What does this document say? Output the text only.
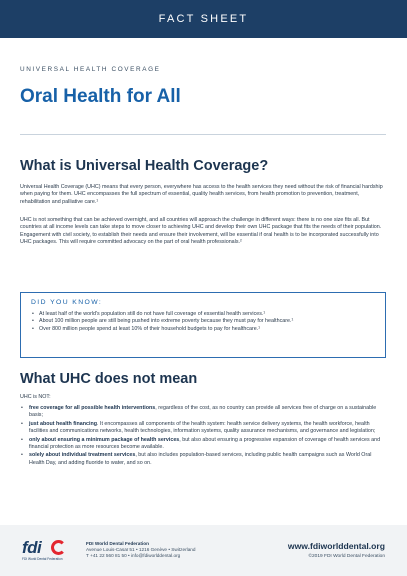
FACT SHEET
UNIVERSAL HEALTH COVERAGE
Oral Health for All
What is Universal Health Coverage?

Universal Health Coverage (UHC) means that every person, everywhere has access to the health services they need without the risk of financial hardship when paying for them. UHC encompasses the full spectrum of essential, quality health services, from health promotion to prevention, treatment, rehabilitation and palliative care.¹

UHC is not something that can be achieved overnight, and all countries will approach the challenge in different ways: there is no one size fits all. But countries at all income levels can take steps to move closer to achieving UHC and develop their own UHC package that fits the needs of their population. Engagement with civil society, to establish their needs and ensure their involvement, will be essential if oral health is to be incorporated successfully into UHC packages. This will require committed advocacy on the part of oral health professionals.²

DID YOU KNOW:
• At least half of the world's population still do not have full coverage of essential health services.¹
• About 100 million people are still being pushed into extreme poverty because they must pay for healthcare.¹
• Over 800 million people spend at least 10% of their household budgets to pay for healthcare.¹
What UHC does not mean
UHC is NOT:
• free coverage for all possible health interventions, regardless of the cost, as no country can provide all services free of charge on a sustainable basis;
• just about health financing. It encompasses all components of the health system: health service delivery systems, the health workforce, health facilities and communications networks, health technologies, information systems, quality assurance mechanisms, and governance and legislation;
• only about ensuring a minimum package of health services, but also about ensuring a progressive expansion of coverage of health services and financial protection as more resources become available.
• solely about individual treatment services, but also includes population-based services, including public health campaigns such as World Oral Health Day, and adding fluoride to water, and so on.
fdi
FDI World Dental Federation
FDI World Dental Federation
Avenue Louis-Casaï 51 • 1216 Genève • Switzerland
T +41 22 560 81 50 • info@fdiworlddental.org
www.fdiworlddental.org
©2019 FDI World Dental Federation
